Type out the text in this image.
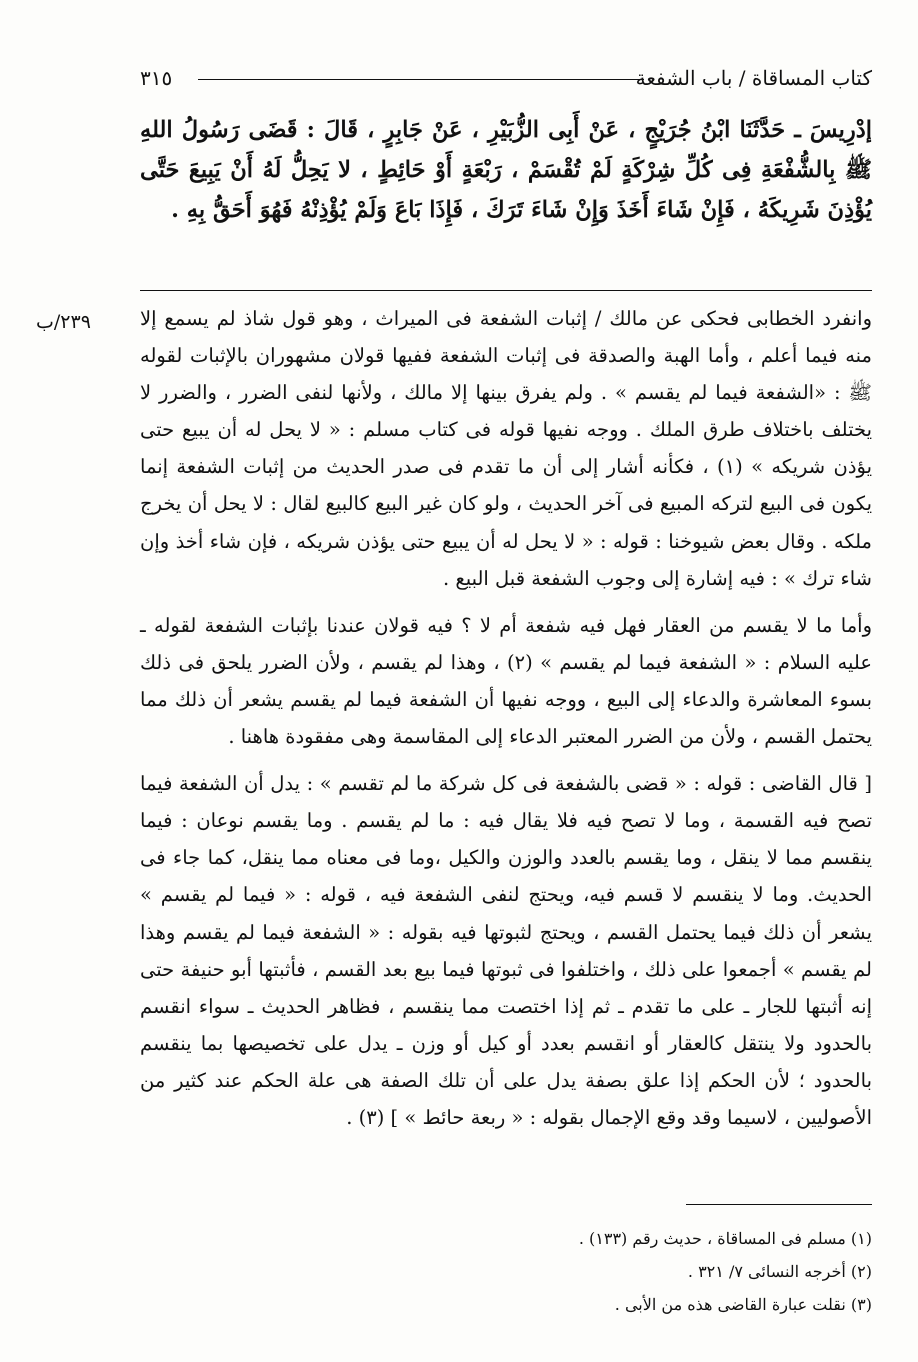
كتاب المساقاة / باب الشفعة
٣١٥

إدْرِيسَ ـ حَدَّثَنَا ابْنُ جُرَيْجٍ ، عَنْ أَبِى الزُّبَيْرِ ، عَنْ جَابِرٍ ، قَالَ : قَضَى رَسُولُ اللهِ ﷺ بِالشُّفْعَةِ فِى كُلِّ شِرْكَةٍ لَمْ تُقْسَمْ ، رَبْعَةٍ أَوْ حَائِطٍ ، لا يَحِلُّ لَهُ أَنْ يَبِيعَ حَتَّى يُؤْذِنَ شَرِيكَهُ ، فَإِنْ شَاءَ أَخَذَ وَإِنْ شَاءَ تَرَكَ ، فَإِذَا بَاعَ وَلَمْ يُؤْذِنْهُ فَهُوَ أَحَقُّ بِهِ .

٢٣٩/ب	وانفرد الخطابى فحكى عن مالك / إثبات الشفعة فى الميراث ، وهو قول شاذ لم يسمع إلا منه فيما أعلم ، وأما الهبة والصدقة فى إثبات الشفعة ففيها قولان مشهوران بالإثبات لقوله ﷺ : «الشفعة فيما لم يقسم » . ولم يفرق بينها إلا مالك ، ولأنها لنفى الضرر ، والضرر لا يختلف باختلاف طرق الملك . ووجه نفيها قوله فى كتاب مسلم : « لا يحل له أن يبيع حتى يؤذن شريكه » (١) ، فكأنه أشار إلى أن ما تقدم فى صدر الحديث من إثبات الشفعة إنما يكون فى البيع لتركه المبيع فى آخر الحديث ، ولو كان غير البيع كالبيع لقال : لا يحل أن يخرج ملكه . وقال بعض شيوخنا : قوله : « لا يحل له أن يبيع حتى يؤذن شريكه ، فإن شاء أخذ وإن شاء ترك » : فيه إشارة إلى وجوب الشفعة قبل البيع .

وأما ما لا يقسم من العقار فهل فيه شفعة أم لا ؟ فيه قولان عندنا بإثبات الشفعة لقوله ـ عليه السلام : « الشفعة فيما لم يقسم » (٢) ، وهذا لم يقسم ، ولأن الضرر يلحق فى ذلك بسوء المعاشرة والدعاء إلى البيع ، ووجه نفيها أن الشفعة فيما لم يقسم يشعر أن ذلك مما يحتمل القسم ، ولأن من الضرر المعتبر الدعاء إلى المقاسمة وهى مفقودة هاهنا .

[ قال القاضى : قوله : « قضى بالشفعة فى كل شركة ما لم تقسم » : يدل أن الشفعة فيما تصح فيه القسمة ، وما لا تصح فيه فلا يقال فيه : ما لم يقسم . وما يقسم نوعان : فيما ينقسم مما لا ينقل ، وما يقسم بالعدد والوزن والكيل ،وما فى معناه مما ينقل، كما جاء فى الحديث. وما لا ينقسم لا قسم فيه، ويحتج لنفى الشفعة فيه ، قوله : « فيما لم يقسم » يشعر أن ذلك فيما يحتمل القسم ، ويحتج لثبوتها فيه بقوله : « الشفعة فيما لم يقسم وهذا لم يقسم » أجمعوا على ذلك ، واختلفوا فى ثبوتها فيما بيع بعد القسم ، فأثبتها أبو حنيفة حتى إنه أثبتها للجار ـ على ما تقدم ـ ثم إذا اختصت مما ينقسم ، فظاهر الحديث ـ سواء انقسم بالحدود ولا ينتقل كالعقار أو انقسم بعدد أو كيل أو وزن ـ يدل على تخصيصها بما ينقسم بالحدود ؛ لأن الحكم إذا علق بصفة يدل على أن تلك الصفة هى علة الحكم عند كثير من الأصوليين ، لاسيما وقد وقع الإجمال بقوله : « ربعة حائط » ] (٣) .

(١) مسلم فى المساقاة ، حديث رقم (١٣٣) .
(٢) أخرجه النسائى ٧/ ٣٢١ .
(٣) نقلت عبارة القاضى هذه من الأبى .
